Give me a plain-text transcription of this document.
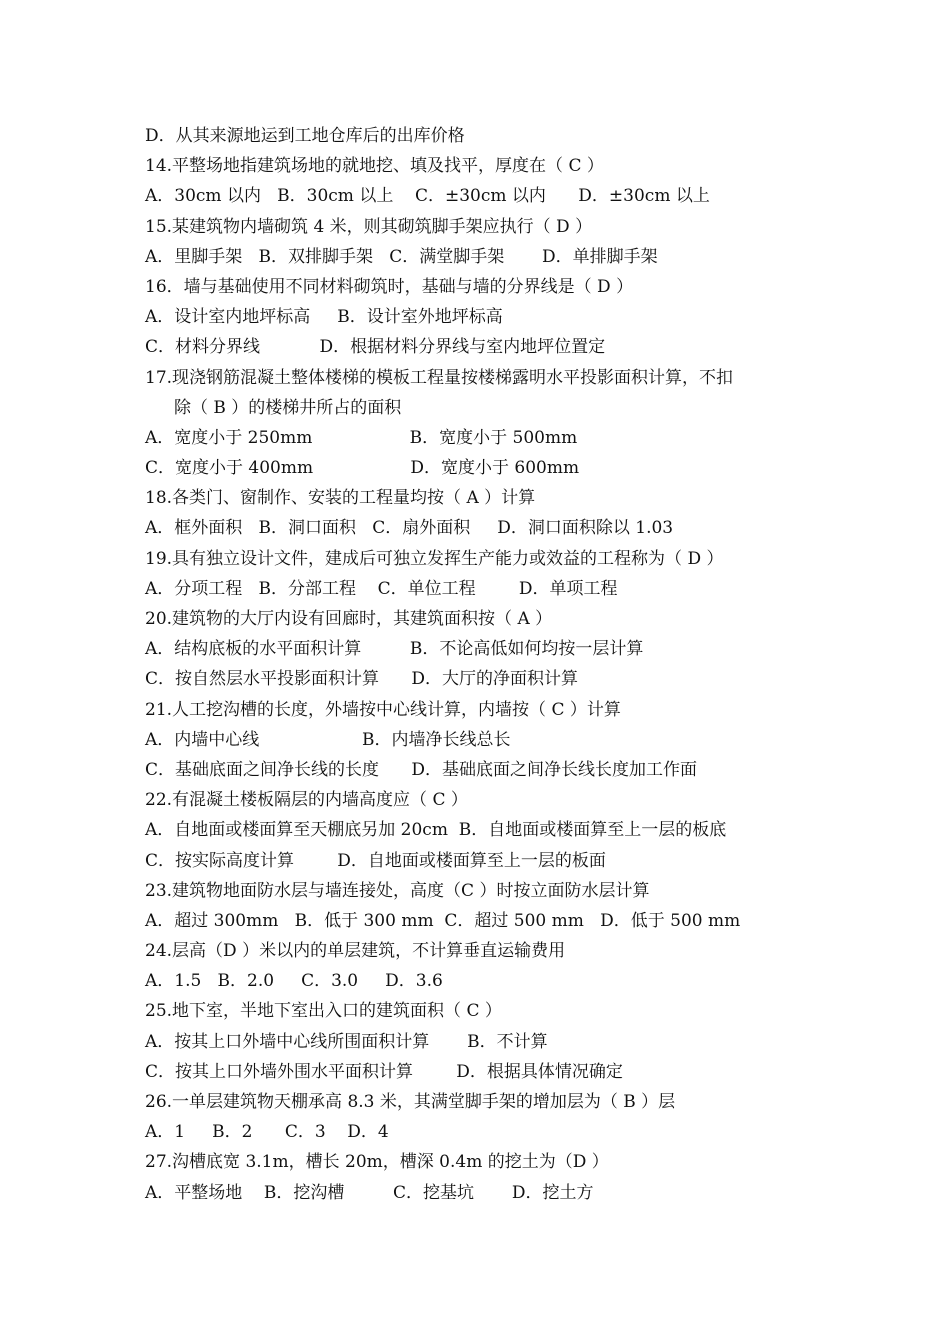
D．从其来源地运到工地仓库后的出库价格
14.平整场地指建筑场地的就地挖、填及找平，厚度在（ C ）
A．30cm 以内   B．30cm 以上    C．±30cm 以内      D．±30cm 以上
15.某建筑物内墙砌筑 4 米，则其砌筑脚手架应执行（ D ）
A．里脚手架   B．双排脚手架   C．满堂脚手架       D．单排脚手架
16．墙与基础使用不同材料砌筑时，基础与墙的分界线是（ D ）
A．设计室内地坪标高     B．设计室外地坪标高
C．材料分界线           D．根据材料分界线与室内地坪位置定
17.现浇钢筋混凝土整体楼梯的模板工程量按楼梯露明水平投影面积计算，不扣
除（ B ）的楼梯井所占的面积
A．宽度小于 250mm                  B．宽度小于 500mm
C．宽度小于 400mm                  D．宽度小于 600mm
18.各类门、窗制作、安装的工程量均按（ A ）计算
A．框外面积   B．洞口面积   C．扇外面积     D．洞口面积除以 1.03
19.具有独立设计文件，建成后可独立发挥生产能力或效益的工程称为（ D ）
A．分项工程   B．分部工程    C．单位工程        D．单项工程
20.建筑物的大厅内设有回廊时，其建筑面积按（ A ）
A．结构底板的水平面积计算         B．不论高低如何均按一层计算
C．按自然层水平投影面积计算      D．大厅的净面积计算
21.人工挖沟槽的长度，外墙按中心线计算，内墙按（ C ）计算
A．内墙中心线                   B．内墙净长线总长
C．基础底面之间净长线的长度      D．基础底面之间净长线长度加工作面
22.有混凝土楼板隔层的内墙高度应（ C ）
A．自地面或楼面算至天棚底另加 20cm  B．自地面或楼面算至上一层的板底
C．按实际高度计算        D．自地面或楼面算至上一层的板面
23.建筑物地面防水层与墙连接处，高度（C ）时按立面防水层计算
A．超过 300mm   B．低于 300 mm  C．超过 500 mm   D．低于 500 mm
24.层高（D ）米以内的单层建筑，不计算垂直运输费用
A．1.5   B．2.0     C．3.0     D．3.6
25.地下室，半地下室出入口的建筑面积（ C ）
A．按其上口外墙中心线所围面积计算       B．不计算
C．按其上口外墙外围水平面积计算        D．根据具体情况确定
26.一单层建筑物天棚承高 8.3 米，其满堂脚手架的增加层为（ B ）层
A．1     B．2      C．3    D．4
27.沟槽底宽 3.1m，槽长 20m，槽深 0.4m 的挖土为（D ）
A．平整场地    B．挖沟槽         C．挖基坑       D．挖土方
